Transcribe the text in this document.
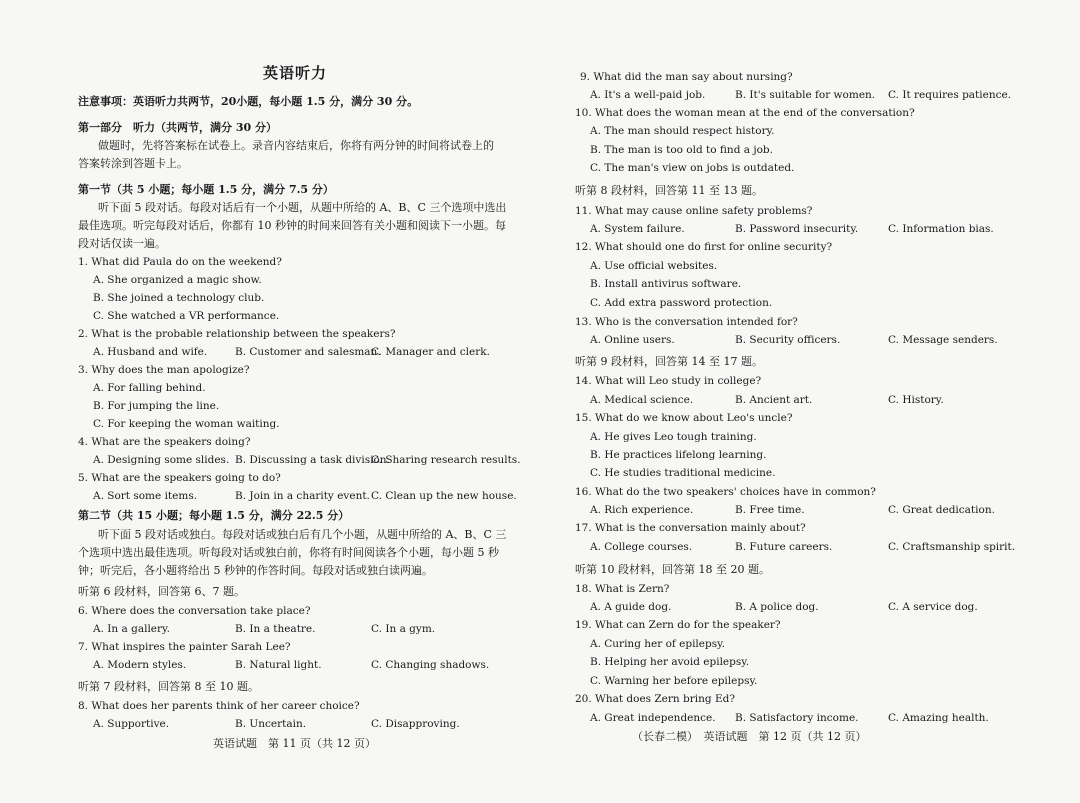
英语听力
注意事项：英语听力共两节，20小题，每小题 1.5 分，满分 30 分。
第一部分　听力（共两节，满分 30 分）
做题时，先将答案标在试卷上。录音内容结束后，你将有两分钟的时间将试卷上的
答案转涂到答题卡上。
第一节（共 5 小题；每小题 1.5 分，满分 7.5 分）
听下面 5 段对话。每段对话后有一个小题，从题中所给的 A、B、C 三个选项中选出
最佳选项。听完每段对话后，你都有 10 秒钟的时间来回答有关小题和阅读下一小题。每
段对话仅读一遍。
1. What did Paula do on the weekend?
A. She organized a magic show.
B. She joined a technology club.
C. She watched a VR performance.
2. What is the probable relationship between the speakers?
A. Husband and wife.	B. Customer and salesman.
C. Manager and clerk.
3. Why does the man apologize?
A. For falling behind.
B. For jumping the line.
C. For keeping the woman waiting.
4. What are the speakers doing?
A. Designing some slides. B. Discussing a task division.
C. Sharing research results.
5. What are the speakers going to do?
A. Sort some items.	B. Join in a charity event. C. Clean up the new house.
第二节（共 15 小题；每小题 1.5 分，满分 22.5 分）
听下面 5 段对话或独白。每段对话或独白后有几个小题，从题中所给的 A、B、C 三
个选项中选出最佳选项。听每段对话或独白前，你将有时间阅读各个小题，每小题 5 秒
钟；听完后，各小题将给出 5 秒钟的作答时间。每段对话或独白读两遍。
听第 6 段材料，回答第 6、7 题。
6. Where does the conversation take place?
A. In a gallery.	B. In a theatre.	C. In a gym.
7. What inspires the painter Sarah Lee?
A. Modern styles.	B. Natural light.	C. Changing shadows.
听第 7 段材料，回答第 8 至 10 题。
8. What does her parents think of her career choice?
A. Supportive.	B. Uncertain.	C. Disapproving.
英语试题　第 11 页（共 12 页）
9. What did the man say about nursing?
A. It's a well-paid job.	B. It's suitable for women. C. It requires patience.
10. What does the woman mean at the end of the conversation?
A. The man should respect history.
B. The man is too old to find a job.
C. The man's view on jobs is outdated.
听第 8 段材料，回答第 11 至 13 题。
11. What may cause online safety problems?
A. System failure.	B. Password insecurity.	C. Information bias.
12. What should one do first for online security?
A. Use official websites.
B. Install antivirus software.
C. Add extra password protection.
13. Who is the conversation intended for?
A. Online users.	B. Security officers.	C. Message senders.
听第 9 段材料，回答第 14 至 17 题。
14. What will Leo study in college?
A. Medical science.	B. Ancient art.	C. History.
15. What do we know about Leo's uncle?
A. He gives Leo tough training.
B. He practices lifelong learning.
C. He studies traditional medicine.
16. What do the two speakers' choices have in common?
A. Rich experience.	B. Free time.	C. Great dedication.
17. What is the conversation mainly about?
A. College courses.	B. Future careers.	C. Craftsmanship spirit.
听第 10 段材料，回答第 18 至 20 题。
18. What is Zern?
A. A guide dog.	B. A police dog.	C. A service dog.
19. What can Zern do for the speaker?
A. Curing her of epilepsy.
B. Helping her avoid epilepsy.
C. Warning her before epilepsy.
20. What does Zern bring Ed?
A. Great independence. B. Satisfactory income.	C. Amazing health.
（长春二模）　英语试题　第 12 页（共 12 页）
